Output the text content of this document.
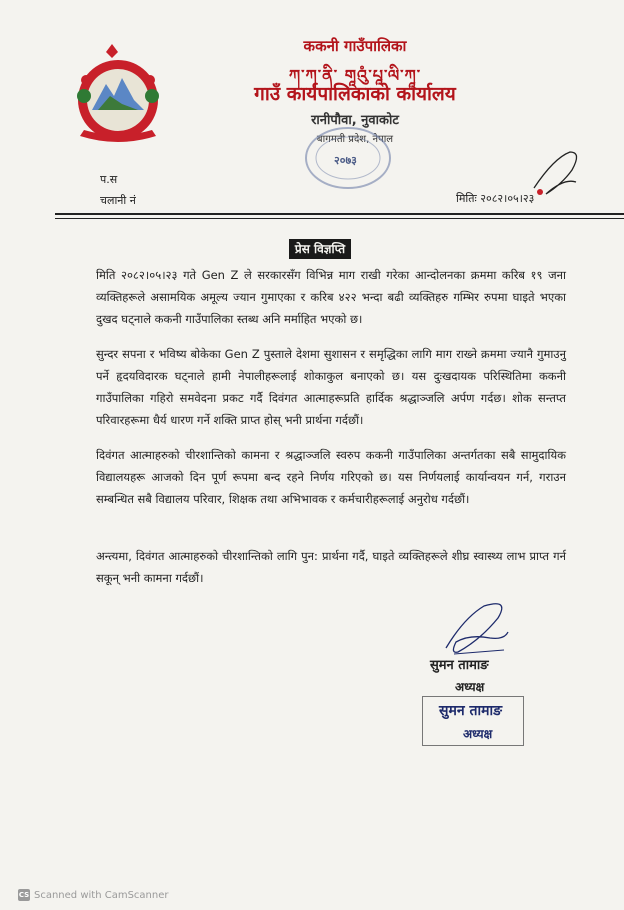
ककनी गाउँपालिका
ཀ་ཀ་ནི་ གཱའུཾ་པཱ་ལི་ཀཱ་
गाउँ कार्यपालिकाको कार्यालय
रानीपौवा, नुवाकोट
बागमती प्रदेश, नेपाल
२०७३
प.स
चलानी नं	मितिः २०८२।०५।२३
प्रेस विज्ञप्ति
मिति २०८२।०५।२३ गते Gen Z ले सरकारसँग विभिन्न माग राखी गरेका आन्दोलनका क्रममा करिब १९ जना व्यक्तिहरूले असामयिक अमूल्य ज्यान गुमाएका र करिब ४२२ भन्दा बढी व्यक्तिहरु गम्भिर रुपमा घाइते भएका दुखद घट्नाले ककनी गाउँपालिका स्तब्ध अनि मर्माहित भएको छ।
सुन्दर सपना र भविष्य बोकेका Gen Z पुस्ताले देशमा सुशासन र समृद्धिका लागि माग राख्ने क्रममा ज्यानै गुमाउनु पर्ने हृदयविदारक घट्नाले हामी नेपालीहरूलाई शोकाकुल बनाएको छ। यस दुःखदायक परिस्थितिमा ककनी गाउँपालिका गहिरो समवेदना प्रकट गर्दै दिवंगत आत्माहरूप्रति हार्दिक श्रद्धाञ्जलि अर्पण गर्दछ। शोक सन्तप्त परिवारहरूमा धैर्य धारण गर्ने शक्ति प्राप्त होस् भनी प्रार्थना गर्दछौं।
दिवंगत आत्माहरुको चीरशान्तिको कामना र श्रद्धाञ्जलि स्वरुप ककनी गाउँपालिका अन्तर्गतका सबै सामुदायिक विद्यालयहरू आजको दिन पूर्ण रूपमा बन्द रहने निर्णय गरिएको छ। यस निर्णयलाई कार्यान्वयन गर्न, गराउन सम्बन्धित सबै विद्यालय परिवार, शिक्षक तथा अभिभावक र कर्मचारीहरूलाई अनुरोध गर्दछौं।
अन्त्यमा, दिवंगत आत्माहरुको चीरशान्तिको लागि पुन: प्रार्थना गर्दै, घाइते व्यक्तिहरूले शीघ्र स्वास्थ्य लाभ प्राप्त गर्न सकून् भनी कामना गर्दछौं।
सुमन तामाङ
अध्यक्ष
सुमन तामाङ
अध्यक्ष
CS Scanned with CamScanner
